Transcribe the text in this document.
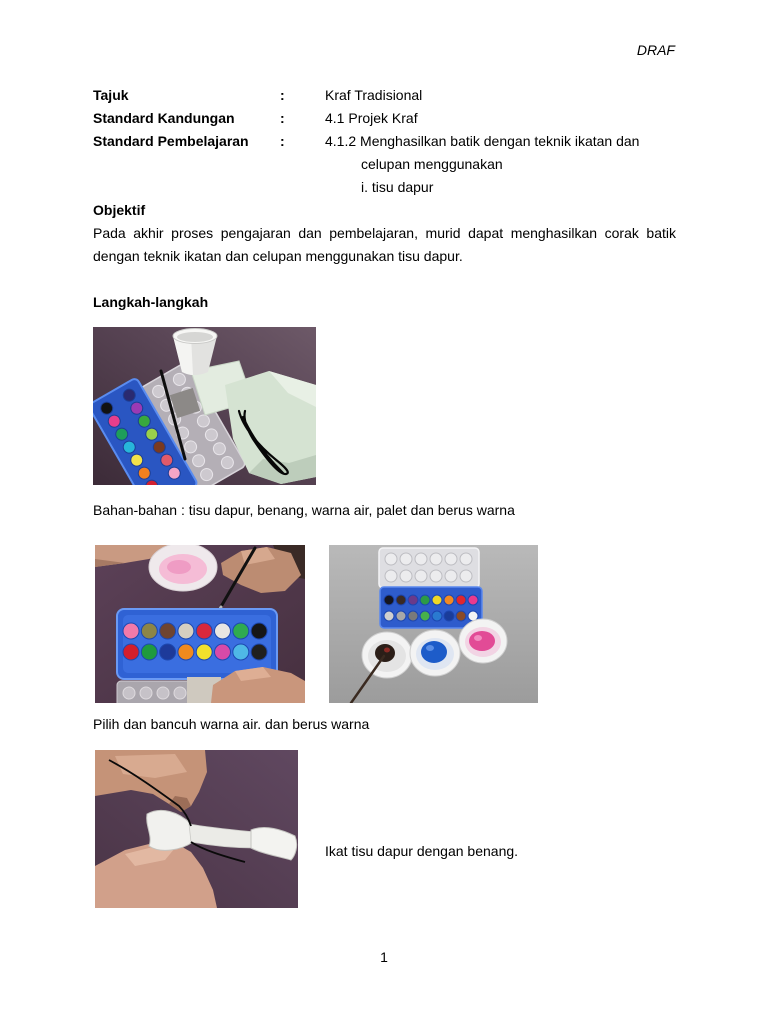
DRAF
Tajuk	:	Kraf Tradisional
Standard Kandungan	:	4.1 Projek Kraf
Standard Pembelajaran :	4.1.2 Menghasilkan batik dengan teknik ikatan dan
celupan menggunakan
i. tisu dapur
Objektif

Pada akhir proses pengajaran dan pembelajaran, murid dapat menghasilkan corak batik dengan teknik ikatan dan celupan menggunakan tisu dapur.

Langkah-langkah
Bahan-bahan : tisu dapur, benang, warna air, palet dan berus warna
Pilih dan bancuh warna air. dan berus warna
Ikat tisu dapur dengan benang.
1
